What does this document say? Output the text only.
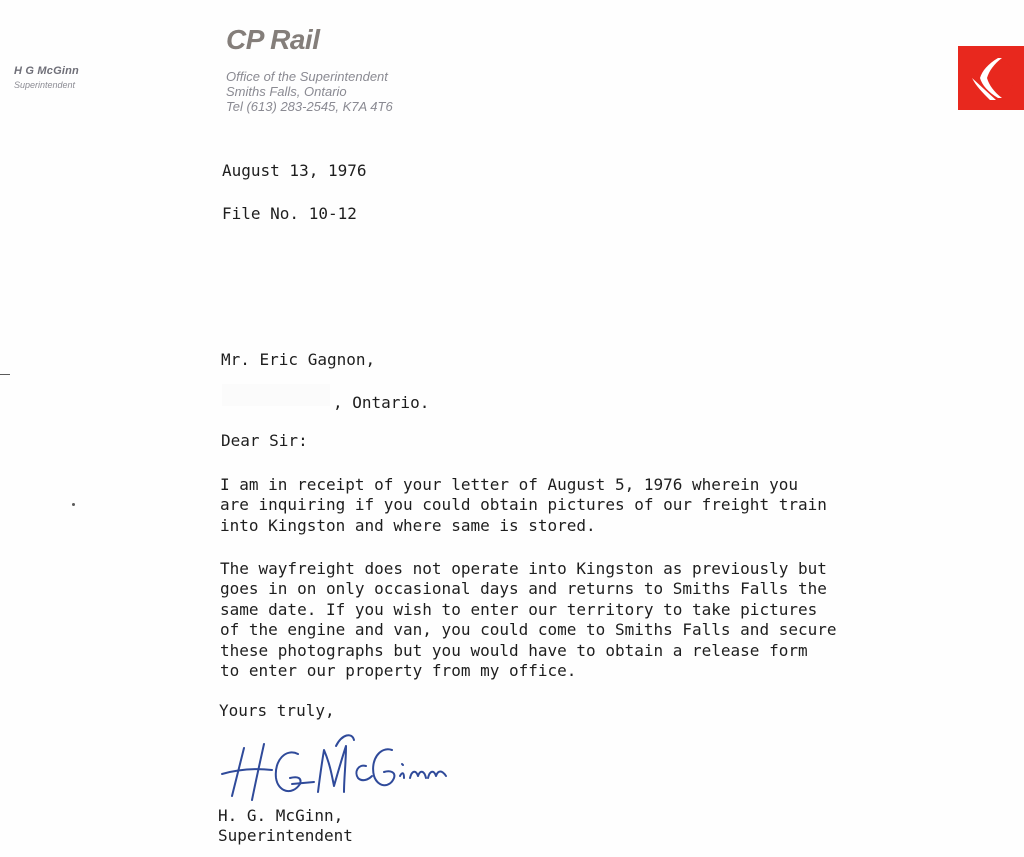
H G McGinn
Superintendent
CP Rail
Office of the Superintendent
Smiths Falls, Ontario
Tel (613) 283-2545, K7A 4T6
August 13, 1976
File No. 10-12
Mr. Eric Gagnon,
, Ontario.
Dear Sir:
I am in receipt of your letter of August 5, 1976 wherein you
are inquiring if you could obtain pictures of our freight train
into Kingston and where same is stored.
The wayfreight does not operate into Kingston as previously but
goes in on only occasional days and returns to Smiths Falls the
same date. If you wish to enter our territory to take pictures
of the engine and van, you could come to Smiths Falls and secure
these photographs but you would have to obtain a release form
to enter our property from my office.
Yours truly,
H. G. McGinn,
Superintendent
